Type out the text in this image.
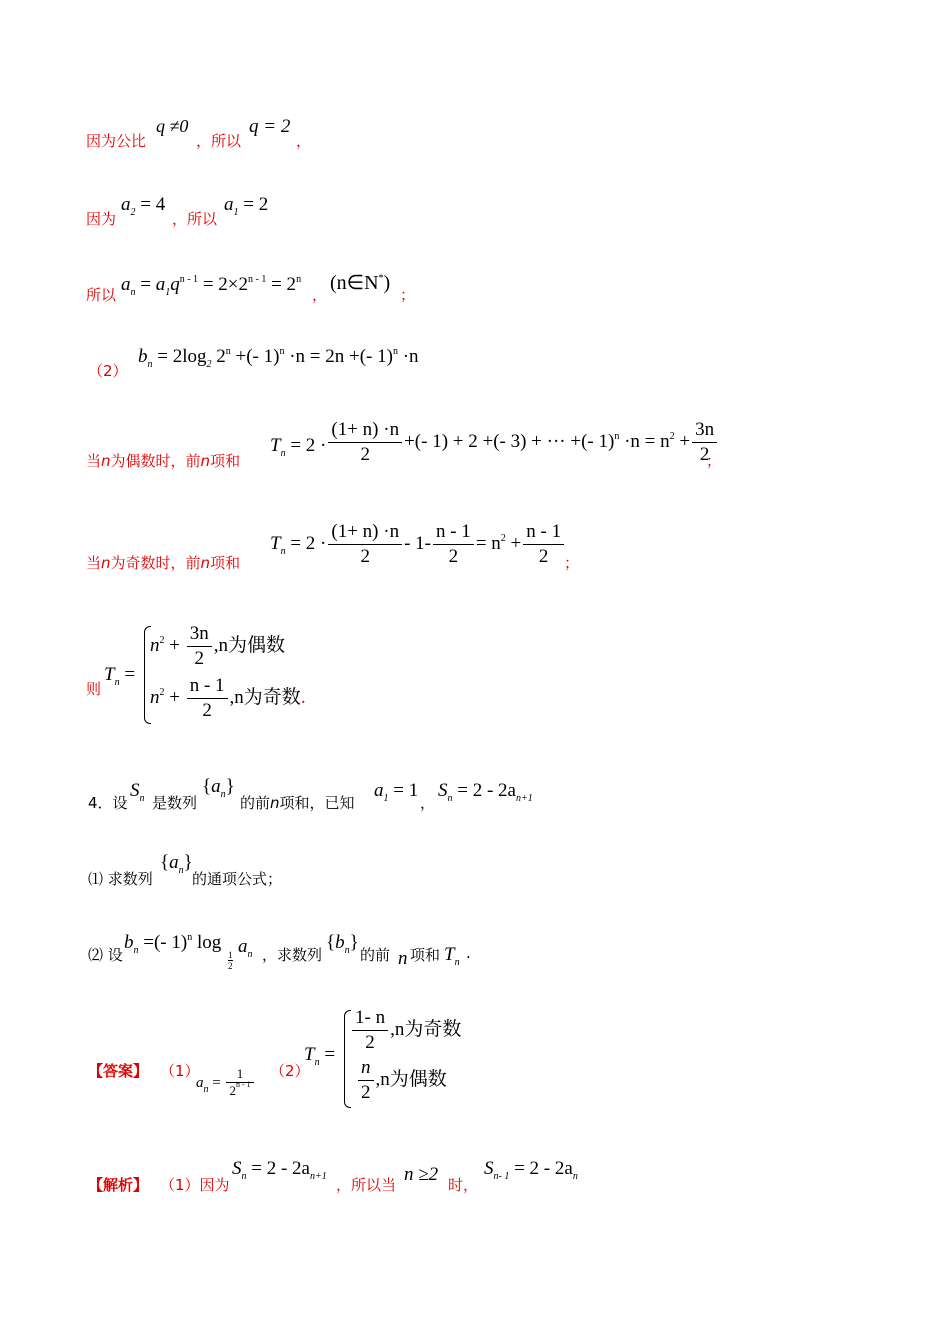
因为公比
q ≠0
，所以
q = 2
，
因为
$a_2 = 4$
，所以
$a_1 = 2$
所以 $a_n = a_1q^{n - 1} = 2\times 2^{n - 1} = 2^n$
，
(n∈N*)
；
（2）
$b_n = 2\log_2$ $2^n$ +(- 1)$^n$ ·n = 2n +(- 1)$^n$ ·n
当n为偶数时，前n项和
$T_n = 2 \cdot \frac{(1+ n) \cdot n}{2}$ +(- 1) + 2 +(- 3) + ··· +(- $1)^n \cdot n = n^2 + \frac{3n}{2}$
；
当n为奇数时，前n项和
$T_n = 2 \cdot \frac{(1+ n) \cdot n}{2} - 1- \frac{n - 1}{2} = n^2 + \frac{n - 1}{2}$ ；
则
$T_n$ =
$n^2 + \frac{3n}{2} ,n$为偶数
$n^2 + \frac{n - 1}{2} ,n$为奇数.
4．设
$S_n$ 是数列
$\{a_n\}$
的前n项和，已知
$a_1 = 1$
，
$S_n = 2 - 2a_{n+1}$
⑴ 求数列
$\{a_n\}$
的通项公式；
⑵ 设
$b_n$ =(- 1)$^n$ log
1
2
$a_n$ ，求数列
$\{b_n\}$
的前 n 项和 $T_n$
.
【答案】 （1）
$a_n = \frac{1}{2^{n - 1}} (2)$
$T_n = \frac{1- n}{2} ,n$为奇数
$\frac{n}{2} ,n$为偶数
【解析】 （1）因为
$S_n = 2 - 2a_{n+1}$ ，所以当 n ≥2 时，
$S_{n- 1} = 2 - 2a_n$
